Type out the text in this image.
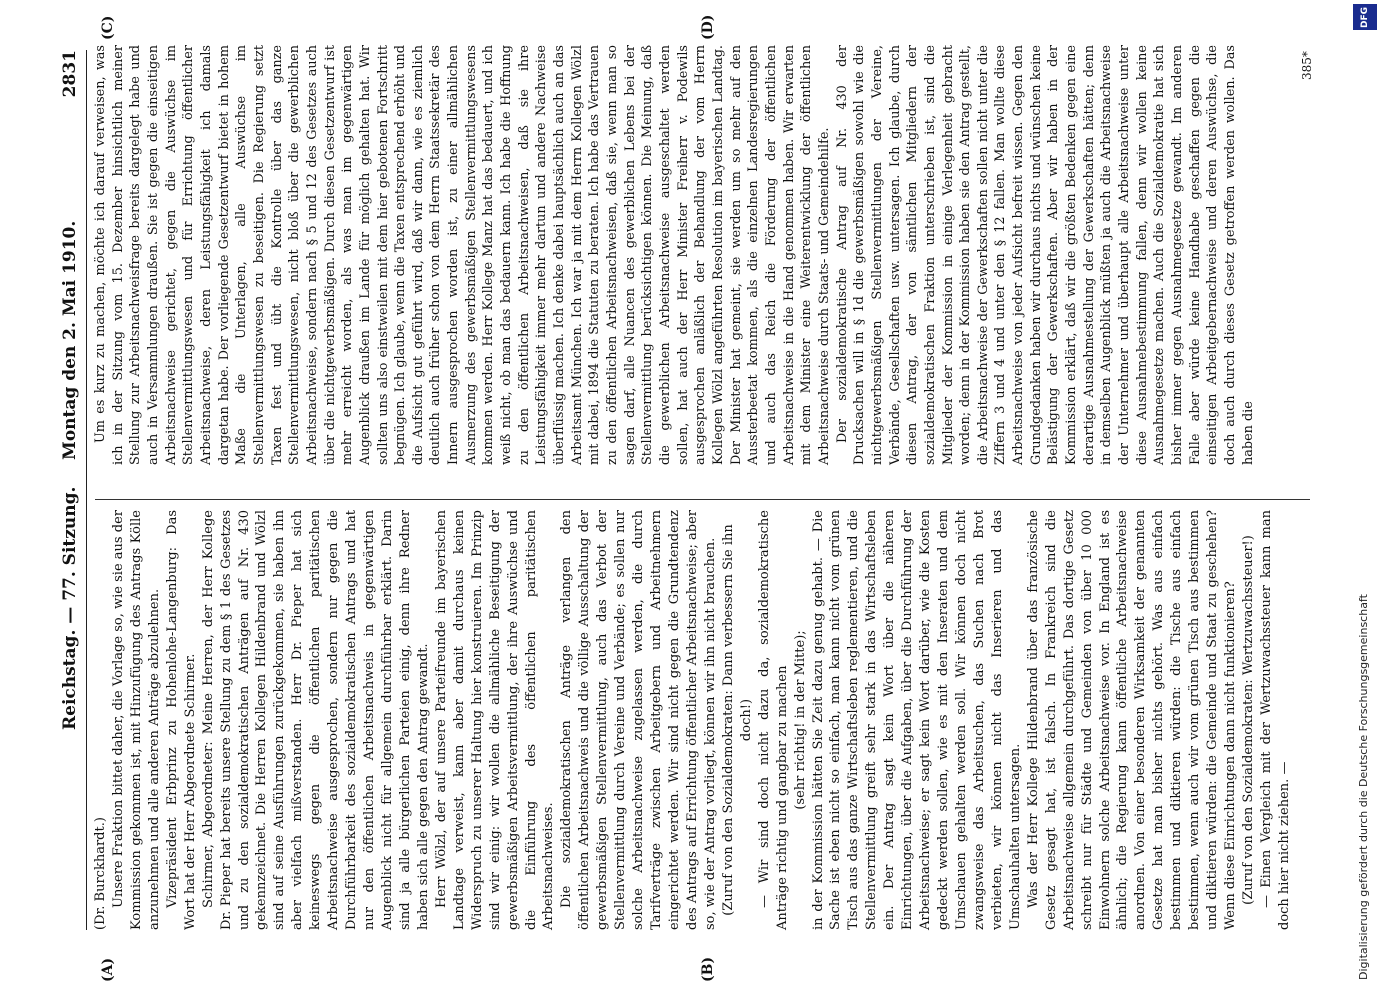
Reichstag. — 77. Sitzung.
Montag den 2. Mai 1910.
2831
(A)	(B)
(C)	(D)

(Dr. Burckhardt.) Unsere Fraktion bittet daher, die Vorlage so, wie sie aus der Kommission gekommen ist, mit Hinzufügung des Antrags Kölle anzunehmen und alle anderen Anträge abzulehnen. Vizepräsident Erbprinz zu Hohenlohe-Langenburg: Das Wort hat der Herr Abgeordnete Schirmer. Schirmer, Abgeordneter: Meine Herren, der Herr Kollege Dr. Pieper hat bereits unsere Stellung zu dem § 1 des Gesetzes und zu den sozialdemokratischen Anträgen auf Nr. 430 gekennzeichnet. Die Herren Kollegen Hildenbrand und Wölzl sind auf seine Ausführungen zurückgekommen, sie haben ihn aber vielfach mißverstanden. Herr Dr. Pieper hat sich keineswegs gegen die öffentlichen paritätischen Arbeitsnachweise ausgesprochen, sondern nur gegen die Durchführbarkeit des sozialdemokratischen Antrags und hat nur den öffentlichen Arbeitsnachweis in gegenwärtigen Augenblick nicht für allgemein durchführbar erklärt. Darin sind ja alle bürgerlichen Parteien einig, denn ihre Redner haben sich alle gegen den Antrag gewandt. Herr Wölzl, der auf unsere Parteifreunde im bayerischen Landtage verweist, kann aber damit durchaus keinen Widerspruch zu unserer Haltung hier konstruieren. Im Prinzip sind wir einig: wir wollen die allmähliche Beseitigung der gewerbsmäßigen Arbeitsvermittlung, der ihre Auswüchse und die Einführung des öffentlichen paritätischen Arbeitsnachweises. Die sozialdemokratischen Anträge verlangen den öffentlichen Arbeitsnachweis und die völlige Ausschaltung der gewerbsmäßigen Stellenvermittlung, auch das Verbot der Stellenvermittlung durch Vereine und Verbände; es sollen nur solche Arbeitsnachweise zugelassen werden, die durch Tarifverträge zwischen Arbeitgebern und Arbeitnehmern eingerichtet werden. Wir sind nicht gegen die Grundtendenz des Antrags auf Errichtung öffentlicher Arbeitsnachweise; aber so, wie der Antrag vorliegt, können wir ihn nicht brauchen. (Zuruf von den Sozialdemokraten: Dann verbessern Sie ihn doch!) — Wir sind doch nicht dazu da, sozialdemokratische Anträge richtig und gangbar zu machen (sehr richtig! in der Mitte); in der Kommission hätten Sie Zeit dazu genug gehabt. — Die Sache ist eben nicht so einfach, man kann nicht vom grünen Tisch aus das ganze Wirtschaftsleben reglementieren, und die Stellenvermittlung greift sehr stark in das Wirtschaftsleben ein. Der Antrag sagt kein Wort über die näheren Einrichtungen, über die Aufgaben, über die Durchführung der Arbeitsnachweise; er sagt kein Wort darüber, wie die Kosten gedeckt werden sollen, wie es mit den Inseraten und dem Umschauen gehalten werden soll. Wir können doch nicht zwangsweise das Arbeitsuchen, das Suchen nach Brot verbieten, wir können nicht das Inserieren und das Umschauhalten untersagen. Was der Herr Kollege Hildenbrand über das französische Gesetz gesagt hat, ist falsch. In Frankreich sind die Arbeitsnachweise allgemein durchgeführt. Das dortige Gesetz schreibt nur für Städte und Gemeinden von über 10 000 Einwohnern solche Arbeitsnachweise vor. In England ist es ähnlich; die Regierung kann öffentliche Arbeitsnachweise anordnen. Von einer besonderen Wirksamkeit der genannten Gesetze hat man bisher nichts gehört. Was aus einfach bestimmen und diktieren würden: die Tische aus einfach bestimmen, wenn auch wir vom grünen Tisch aus bestimmen und diktieren würden: die Gemeinde und Staat zu geschehen? Wenn diese Einrichtungen dann nicht funktionieren? (Zuruf von den Sozialdemokraten: Wertzuwachssteuer!) — Einen Vergleich mit der Wertzuwachssteuer kann man doch hier nicht ziehen. —

Um es kurz zu machen, möchte ich darauf verweisen, was ich in der Sitzung vom 15. Dezember hinsichtlich meiner Stellung zur Arbeitsnachweisfrage bereits dargelegt habe und auch in Versammlungen draußen. Sie ist gegen die einseitigen Arbeitsnachweise gerichtet, gegen die Auswüchse im Stellenvermittlungswesen und für Errichtung öffentlicher Arbeitsnachweise, deren Leistungsfähigkeit ich damals dargetan habe. Der vorliegende Gesetzentwurf bietet in hohem Maße die Unterlagen, alle Auswüchse im Stellenvermittlungswesen zu beseitigen. Die Regierung setzt Taxen fest und übt die Kontrolle über das ganze Stellenvermittlungswesen, nicht bloß über die gewerblichen Arbeitsnachweise, sondern nach § 5 und 12 des Gesetzes auch über die nichtgewerbsmäßigen. Durch diesen Gesetzentwurf ist mehr erreicht worden, als was man im gegenwärtigen Augenblick draußen im Lande für möglich gehalten hat. Wir sollten uns also einstweilen mit dem hier gebotenen Fortschritt begnügen. Ich glaube, wenn die Taxen entsprechend erhöht und die Aufsicht gut geführt wird, daß wir dann, wie es ziemlich deutlich auch früher schon von dem Herrn Staatssekretär des Innern ausgesprochen worden ist, zu einer allmählichen Ausmerzung des gewerbsmäßigen Stellenvermittlungswesens kommen werden. Herr Kollege Manz hat das bedauert, und ich weiß nicht, ob man das bedauern kann. Ich habe die Hoffnung zu den öffentlichen Arbeitsnachweisen, daß sie ihre Leistungsfähigkeit immer mehr dartun und andere Nachweise überflüssig machen. Ich denke dabei hauptsächlich auch an das Arbeitsamt München. Ich war ja mit dem Herrn Kollegen Wölzl mit dabei, 1894 die Statuten zu beraten. Ich habe das Vertrauen zu den öffentlichen Arbeitsnachweisen, daß sie, wenn man so sagen darf, alle Nuancen des gewerblichen Lebens bei der Stellenvermittlung berücksichtigen können. Die Meinung, daß die gewerblichen Arbeitsnachweise ausgeschaltet werden sollen, hat auch der Herr Minister Freiherr v. Podewils ausgesprochen anläßlich der Behandlung der vom Herrn Kollegen Wölzl angeführten Resolution im bayerischen Landtag. Der Minister hat gemeint, sie werden um so mehr auf den Aussterbeetat kommen, als die einzelnen Landesregierungen und auch das Reich die Förderung der öffentlichen Arbeitsnachweise in die Hand genommen haben. Wir erwarten mit dem Minister eine Weiterentwicklung der öffentlichen Arbeitsnachweise durch Staats- und Gemeindehilfe. Der sozialdemokratische Antrag auf Nr. 430 der Drucksachen will in § 1d die gewerbsmäßigen sowohl wie die nichtgewerbsmäßigen Stellenvermittlungen der Vereine, Verbände, Gesellschaften usw. untersagen. Ich glaube, durch diesen Antrag, der von sämtlichen Mitgliedern der sozialdemokratischen Fraktion unterschrieben ist, sind die Mitglieder der Kommission in einige Verlegenheit gebracht worden; denn in der Kommission haben sie den Antrag gestellt, die Arbeitsnachweise der Gewerkschaften sollen nicht unter die Ziffern 3 und 4 und unter den § 12 fallen. Man wollte diese Arbeitsnachweise von jeder Aufsicht befreit wissen. Gegen den Grundgedanken haben wir durchaus nichts und wünschen keine Belästigung der Gewerkschaften. Aber wir haben in der Kommission erklärt, daß wir die größten Bedenken gegen eine derartige Ausnahmestellung der Gewerkschaften hätten; denn in demselben Augenblick müßten ja auch die Arbeitsnachweise der Unternehmer und überhaupt alle Arbeitsnachweise unter diese Ausnahmebestimmung fallen, denn wir wollen keine Ausnahmegesetze machen. Auch die Sozialdemokratie hat sich bisher immer gegen Ausnahmegesetze gewandt. Im anderen Falle aber würde keine Handhabe geschaffen gegen die einseitigen Arbeitgebernachweise und deren Auswüchse, die doch auch durch dieses Gesetz getroffen werden wollen. Das haben die

385*
DFG
Digitalisierung gefördert durch die Deutsche Forschungsgemeinschaft
